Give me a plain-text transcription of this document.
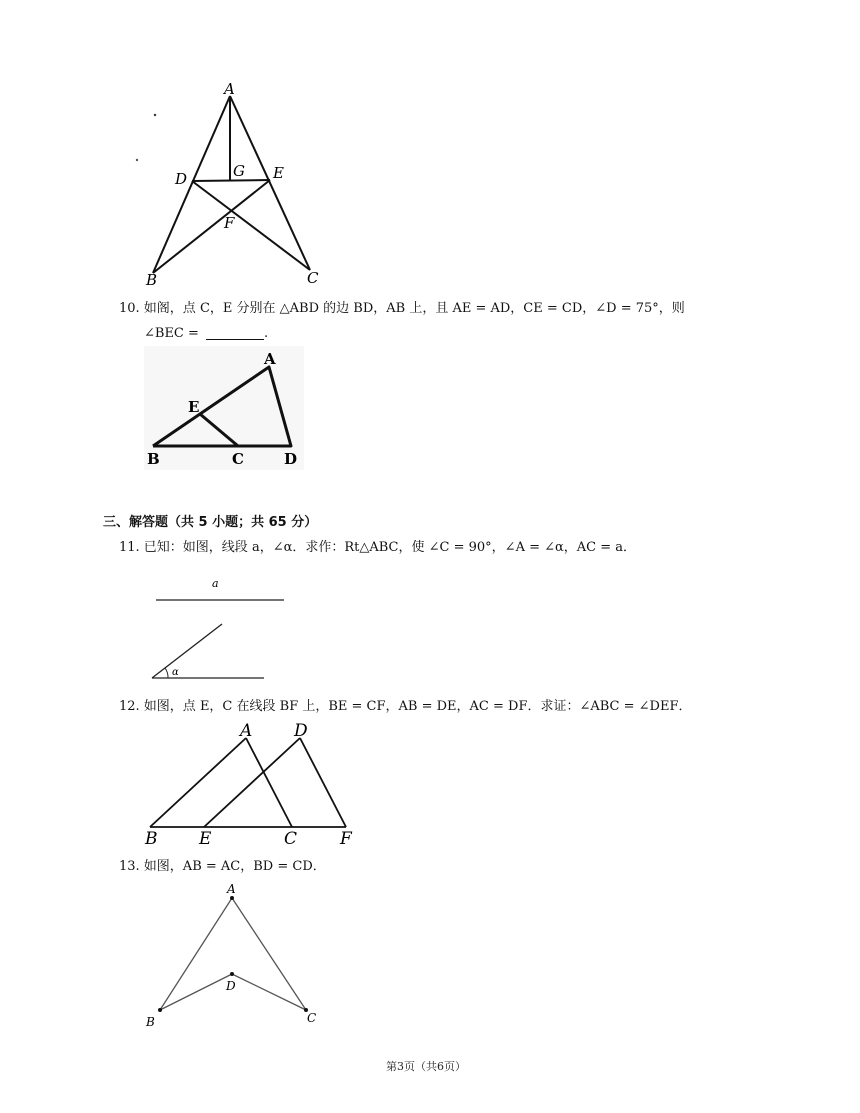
A
D	G E
F
B	C
10. 如阁，点 C，E 分别在 △ABD 的边 BD，AB 上，且 AE = AD，CE = CD，∠D = 75°，则
∠BEC =	.
A
E
B	C	D
三、解答题（共 5 小题；共 65 分）
11. 已知：如图，线段 a，∠α．求作：Rt△ABC，使 ∠C = 90°，∠A = ∠α，AC = a．
a
α
12. 如图，点 E，C 在线段 BF 上，BE = CF，AB = DE，AC = DF．求证：∠ABC = ∠DEF．
A D
B E	C	F
13. 如图，AB = AC，BD = CD．
A
D
B	C
第3页（共6页）
